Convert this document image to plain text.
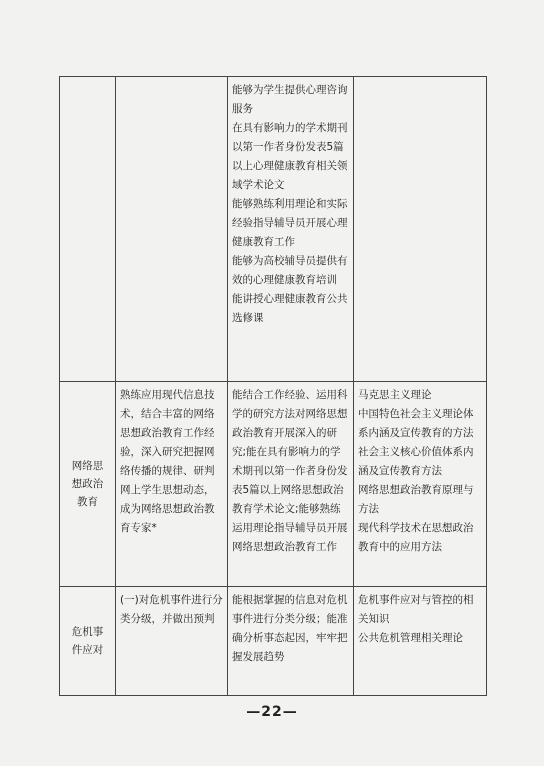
		能够为学生提供心理咨询服务
在具有影响力的学术期刊以第一作者身份发表5篇以上心理健康教育相关领域学术论文
能够熟练利用理论和实际经验指导辅导员开展心理健康教育工作
能够为高校辅导员提供有效的心理健康教育培训
能讲授心理健康教育公共选修课	

网络思想政治教育	熟练应用现代信息技术，结合丰富的网络思想政治教育工作经验，深入研究把握网络传播的规律、研判网上学生思想动态，成为网络思想政治教育专家*	能结合工作经验、运用科学的研究方法对网络思想政治教育开展深入的研究;能在具有影响力的学术期刊以第一作者身份发表5篇以上网络思想政治教育学术论文;能够熟练运用理论指导辅导员开展网络思想政治教育工作	马克思主义理论
中国特色社会主义理论体系内涵及宣传教育的方法
社会主义核心价值体系内涵及宣传教育方法
网络思想政治教育原理与方法
现代科学技术在思想政治教育中的应用方法

危机事件应对	(一)对危机事件进行分类分级，并做出预判	能根据掌握的信息对危机事件进行分类分级；能准确分析事态起因，牢牢把握发展趋势	危机事件应对与管控的相关知识
公共危机管理相关理论
—22—
